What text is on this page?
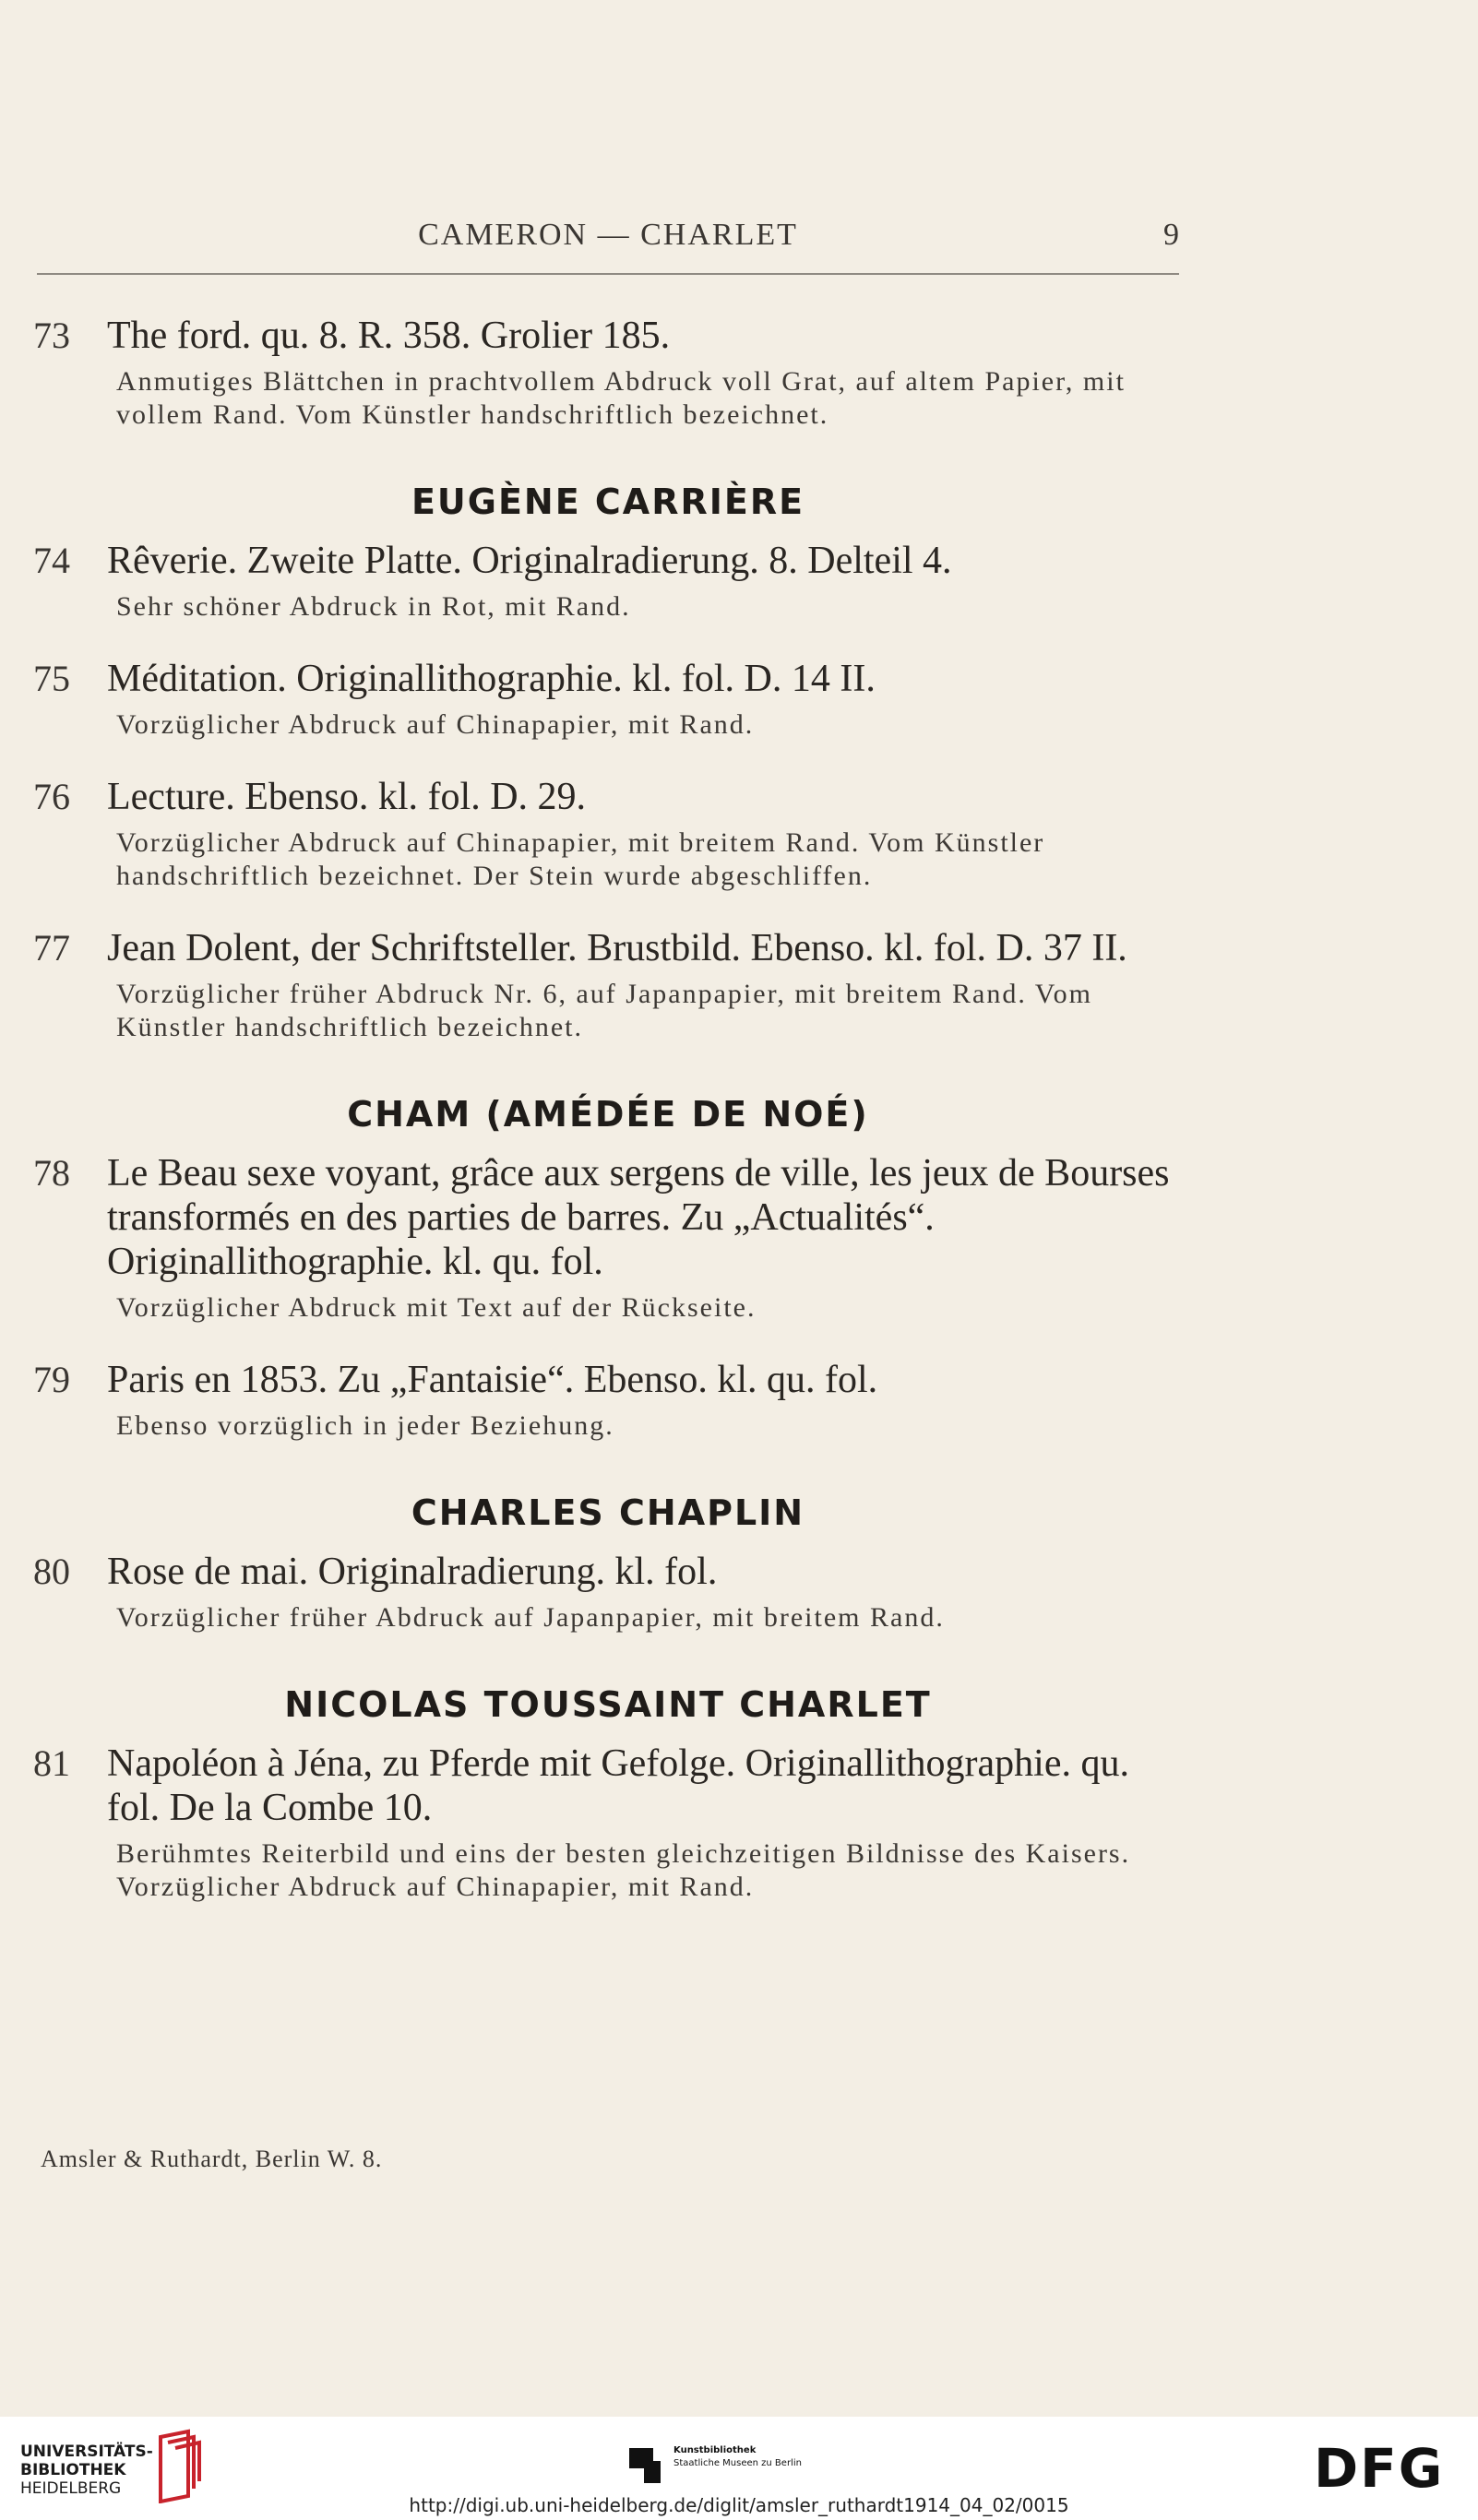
CAMERON — CHARLET	9
73 The ford. qu. 8. R. 358. Grolier 185.
Anmutiges Blättchen in prachtvollem Abdruck voll Grat, auf altem Papier, mit vollem Rand. Vom Künstler handschriftlich bezeichnet.
EUGÈNE CARRIÈRE
74 Rêverie. Zweite Platte. Originalradierung. 8. Delteil 4.
Sehr schöner Abdruck in Rot, mit Rand.
75 Méditation. Originallithographie. kl. fol. D. 14 II.
Vorzüglicher Abdruck auf Chinapapier, mit Rand.
76 Lecture. Ebenso. kl. fol. D. 29.
Vorzüglicher Abdruck auf Chinapapier, mit breitem Rand. Vom Künstler handschriftlich bezeichnet. Der Stein wurde abgeschliffen.
77 Jean Dolent, der Schriftsteller. Brustbild. Ebenso. kl. fol. D. 37 II.
Vorzüglicher früher Abdruck Nr. 6, auf Japanpapier, mit breitem Rand. Vom Künstler handschriftlich bezeichnet.
CHAM (AMÉDÉE DE NOÉ)
78 Le Beau sexe voyant, grâce aux sergens de ville, les jeux de Bourses transformés en des parties de barres. Zu „Actualités“. Originallithographie. kl. qu. fol.
Vorzüglicher Abdruck mit Text auf der Rückseite.
79 Paris en 1853. Zu „Fantaisie“. Ebenso. kl. qu. fol.
Ebenso vorzüglich in jeder Beziehung.
CHARLES CHAPLIN
80 Rose de mai. Originalradierung. kl. fol.
Vorzüglicher früher Abdruck auf Japanpapier, mit breitem Rand.
NICOLAS TOUSSAINT CHARLET
81 Napoléon à Jéna, zu Pferde mit Gefolge. Originallithographie. qu. fol. De la Combe 10.
Berühmtes Reiterbild und eins der besten gleichzeitigen Bildnisse des Kaisers. Vorzüglicher Abdruck auf Chinapapier, mit Rand.
Amsler & Ruthardt, Berlin W. 8.
UNIVERSITÄTS-
BIBLIOTHEK
HEIDELBERG
Kunstbibliothek
Staatliche Museen zu Berlin	DFG
http://digi.ub.uni-heidelberg.de/diglit/amsler_ruthardt1914_04_02/0015
